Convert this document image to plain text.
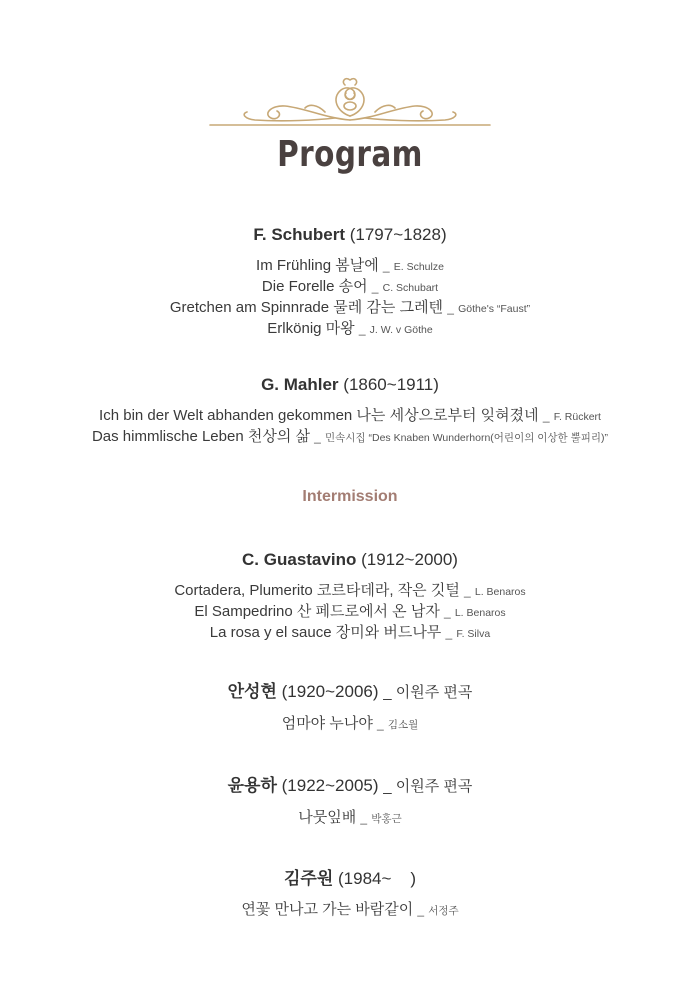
Program
F. Schubert (1797~1828)
Im Frühling 봄날에 _ E. Schulze
Die Forelle 송어 _ C. Schubart
Gretchen am Spinnrade 물레 감는 그레텐 _ Göthe's “Faust”
Erlkönig 마왕 _ J. W. v Göthe
G. Mahler (1860~1911)
Ich bin der Welt abhanden gekommen 나는 세상으로부터 잊혀졌네 _ F. Rückert
Das himmlische Leben 천상의 삶 _ 민속시집 “Des Knaben Wunderhorn(어린이의 이상한 뿔피리)”
Intermission
C. Guastavino (1912~2000)
Cortadera, Plumerito 코르타데라, 작은 깃털 _ L. Benaros
El Sampedrino 산 페드로에서 온 남자 _ L. Benaros
La rosa y el sauce 장미와 버드나무 _ F. Silva
안성현 (1920~2006) _ 이원주 편곡
엄마야 누나야 _ 김소월
윤용하 (1922~2005) _ 이원주 편곡
나뭇잎배 _ 박홍근
김주원 (1984~    )
연꽃 만나고 가는 바람같이 _ 서정주
